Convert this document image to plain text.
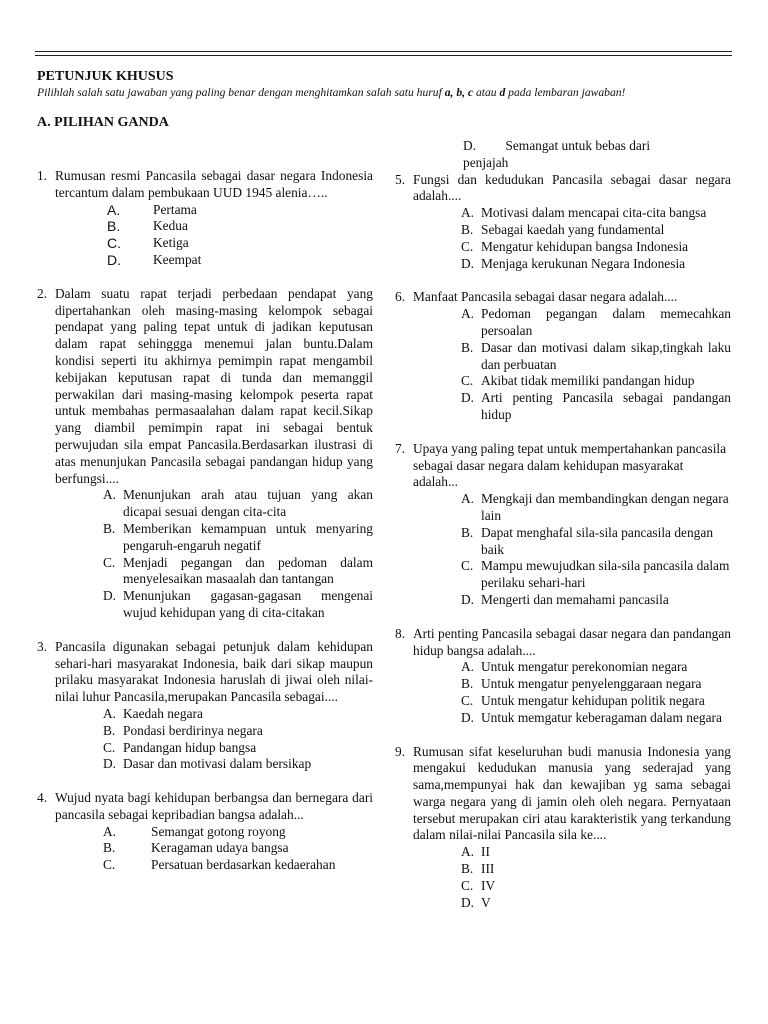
PETUNJUK KHUSUS
Pilihlah salah satu jawaban yang paling benar dengan menghitamkan salah satu huruf a, b, c atau d pada lembaran jawaban!
A. PILIHAN GANDA
1. Rumusan resmi Pancasila sebagai dasar negara Indonesia tercantum dalam pembukaan UUD 1945 alenia…..
A. Pertama
B. Kedua
C. Ketiga
D. Keempat
2. Dalam suatu rapat terjadi perbedaan pendapat yang dipertahankan oleh masing-masing kelompok sebagai pendapat yang paling tepat untuk di jadikan keputusan dalam rapat sehinggga menemui jalan buntu.Dalam kondisi seperti itu akhirnya pemimpin rapat mengambil kebijakan keputusan rapat di tunda dan memanggil perwakilan dari masing-masing kelompok peserta rapat untuk membahas permasaalahan dalam rapat kecil.Sikap yang diambil pemimpin rapat ini sebagai bentuk perwujudan sila empat Pancasila.Berdasarkan ilustrasi di atas menunjukan Pancasila sebagai pandangan hidup yang berfungsi....
A. Menunjukan arah atau tujuan yang akan dicapai sesuai dengan cita-cita
B. Memberikan kemampuan untuk menyaring pengaruh-engaruh negatif
C. Menjadi pegangan dan pedoman dalam menyelesaikan masaalah dan tantangan
D. Menunjukan gagasan-gagasan mengenai wujud kehidupan yang di cita-citakan
3. Pancasila digunakan sebagai petunjuk dalam kehidupan sehari-hari masyarakat Indonesia, baik dari sikap maupun prilaku masyarakat Indonesia haruslah di jiwai oleh nilai-nilai luhur Pancasila,merupakan Pancasila sebagai....
A. Kaedah negara
B. Pondasi berdirinya negara
C. Pandangan hidup bangsa
D. Dasar dan motivasi dalam bersikap
4. Wujud nyata bagi kehidupan berbangsa dan bernegara dari pancasila sebagai kepribadian bangsa adalah...
A.	Semangat gotong royong
B.	Keragaman udaya bangsa
C.	Persatuan berdasarkan kedaerahan
D. Semangat untuk bebas dari
penjajah
5. Fungsi dan kedudukan Pancasila sebagai dasar negara adalah....
A. Motivasi dalam mencapai cita-cita bangsa
B. Sebagai kaedah yang fundamental
C. Mengatur kehidupan bangsa Indonesia
D. Menjaga kerukunan Negara Indonesia
6. Manfaat Pancasila sebagai dasar negara adalah....
A. Pedoman pegangan dalam memecahkan persoalan
B. Dasar dan motivasi dalam sikap,tingkah laku dan perbuatan
C. Akibat tidak memiliki pandangan hidup
D. Arti penting Pancasila sebagai pandangan hidup
7. Upaya yang paling tepat untuk mempertahankan pancasila sebagai dasar negara dalam kehidupan masyarakat adalah...
A. Mengkaji dan membandingkan dengan negara lain
B. Dapat menghafal sila-sila pancasila dengan baik
C. Mampu mewujudkan sila-sila pancasila dalam perilaku sehari-hari
D. Mengerti dan memahami pancasila
8. Arti penting Pancasila sebagai dasar negara dan pandangan hidup bangsa adalah....
A. Untuk mengatur perekonomian negara
B. Untuk mengatur penyelenggaraan negara
C. Untuk mengatur kehidupan politik negara
D. Untuk memgatur keberagaman dalam negara
9. Rumusan sifat keseluruhan budi manusia Indonesia yang mengakui kedudukan manusia yang sederajad yang sama,mempunyai hak dan kewajiban yg sama sebagai warga negara yang di jamin oleh oleh negara. Pernyataan tersebut merupakan ciri atau karakteristik yang terkandung dalam nilai-nilai Pancasila sila ke....
A. II
B. III
C. IV
D. V
